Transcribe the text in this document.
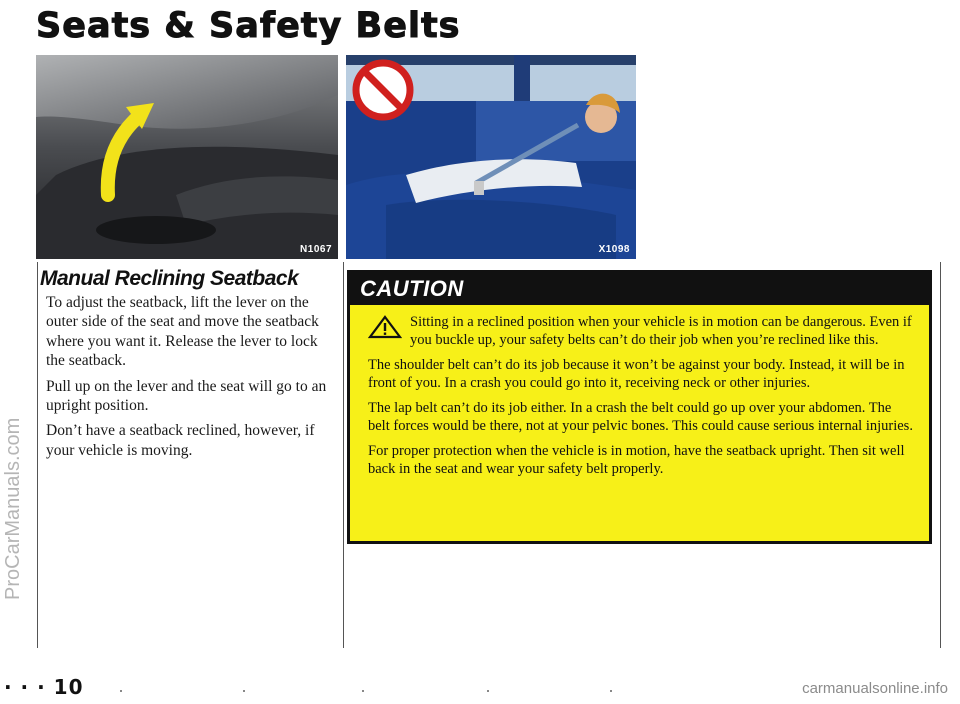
Seats & Safety Belts
N1067	X1098
Manual Reclining Seatback

To adjust the seatback, lift the lever on the outer side of the seat and move the seatback where you want it. Release the lever to lock the seatback.

Pull up on the lever and the seat will go to an upright position.

Don’t have a seatback reclined, however, if your vehicle is moving.

CAUTION

Sitting in a reclined position when your vehicle is in motion can be dangerous. Even if you buckle up, your safety belts can’t do their job when you’re reclined like this.

The shoulder belt can’t do its job because it won’t be against your body. Instead, it will be in front of you. In a crash you could go into it, receiving neck or other injuries.

The lap belt can’t do its job either. In a crash the belt could go up over your abdomen. The belt forces would be there, not at your pelvic bones. This could cause serious internal injuries.

For proper protection when the vehicle is in motion, have the seatback upright. Then sit well back in the seat and wear your safety belt properly.

· · · 10
ProCarManuals.com
carmanualsonline.info
